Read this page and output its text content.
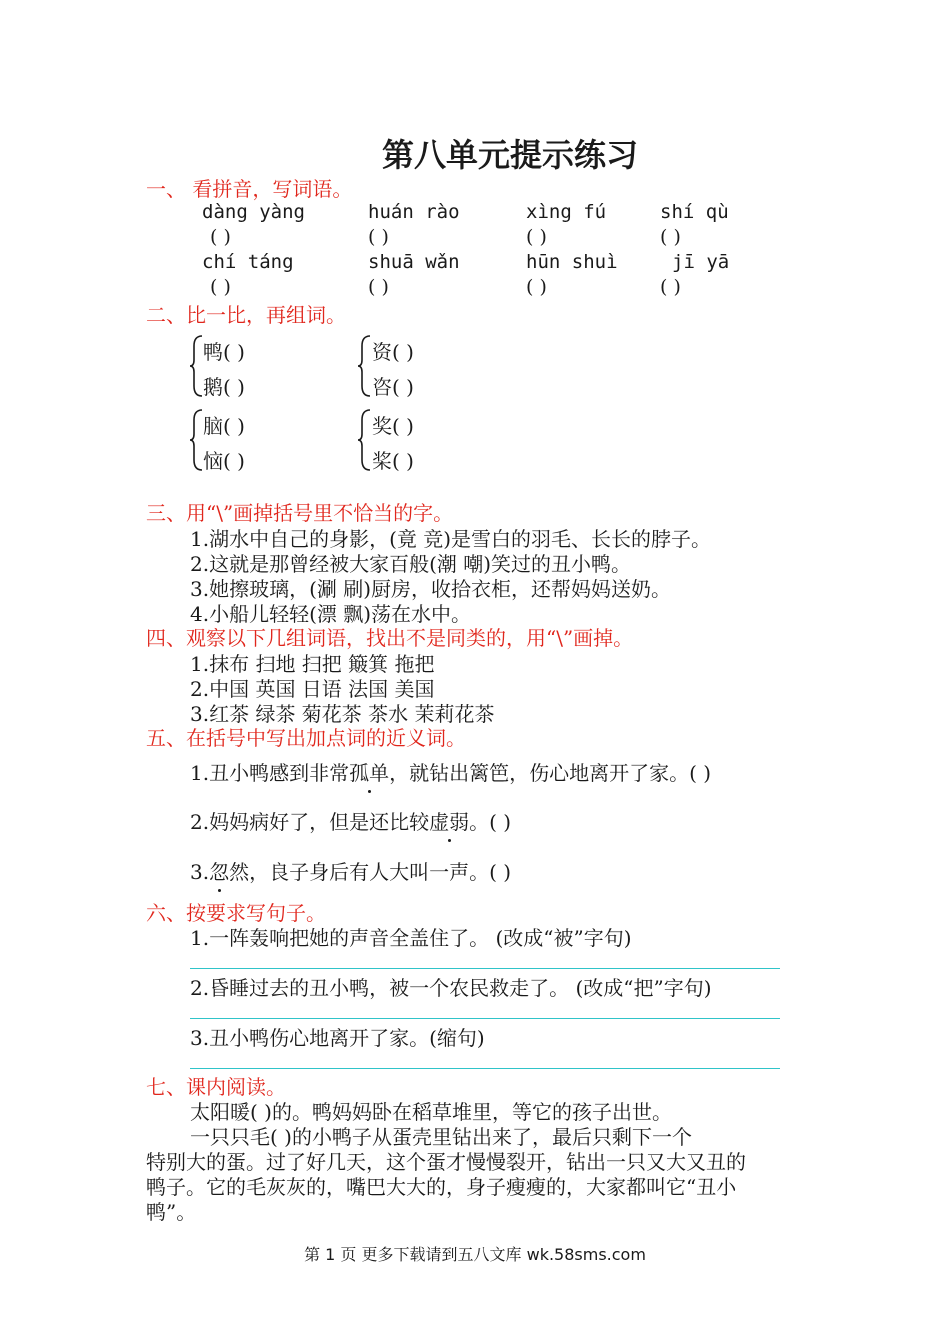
第八单元提示练习
一、 看拼音，写词语。
dàng yàng	huán rào	xìng fú	shí qù
( )	( )	( )	( )
chí táng	shuā wǎn	hūn shuì	jī yā
( )	( )	( )	( )
二、比一比，再组词。
鸭( )
鹅( )
资( )
咨( )
脑( )
恼( )
奖( )
桨( )
三、用“\”画掉括号里不恰当的字。
1.湖水中自己的身影，(竟 竞)是雪白的羽毛、长长的脖子。
2.这就是那曾经被大家百般(潮 嘲)笑过的丑小鸭。
3.她擦玻璃，(涮 刷)厨房，收拾衣柜，还帮妈妈送奶。
4.小船儿轻轻(漂 飘)荡在水中。
四、观察以下几组词语，找出不是同类的，用“\”画掉。
1.抹布 扫地 扫把 簸箕 拖把
2.中国 英国 日语 法国 美国
3.红茶 绿茶 菊花茶 茶水 茉莉花茶
五、在括号中写出加点词的近义词。
1.丑小鸭感到非常孤单，就钻出篱笆，伤心地离开了家。( )
2.妈妈病好了，但是还比较虚弱。( )
3.忽然，良子身后有人大叫一声。( )
六、按要求写句子。
1.一阵轰响把她的声音全盖住了。 (改成“被”字句)
2.昏睡过去的丑小鸭，被一个农民救走了。 (改成“把”字句)
3.丑小鸭伤心地离开了家。(缩句)
七、课内阅读。
太阳暖( )的。鸭妈妈卧在稻草堆里，等它的孩子出世。
一只只毛( )的小鸭子从蛋壳里钻出来了，最后只剩下一个
特别大的蛋。过了好几天，这个蛋才慢慢裂开，钻出一只又大又丑的
鸭子。它的毛灰灰的，嘴巴大大的，身子瘦瘦的，大家都叫它“丑小
鸭”。
第 1 页 更多下载请到五八文库 wk.58sms.com
